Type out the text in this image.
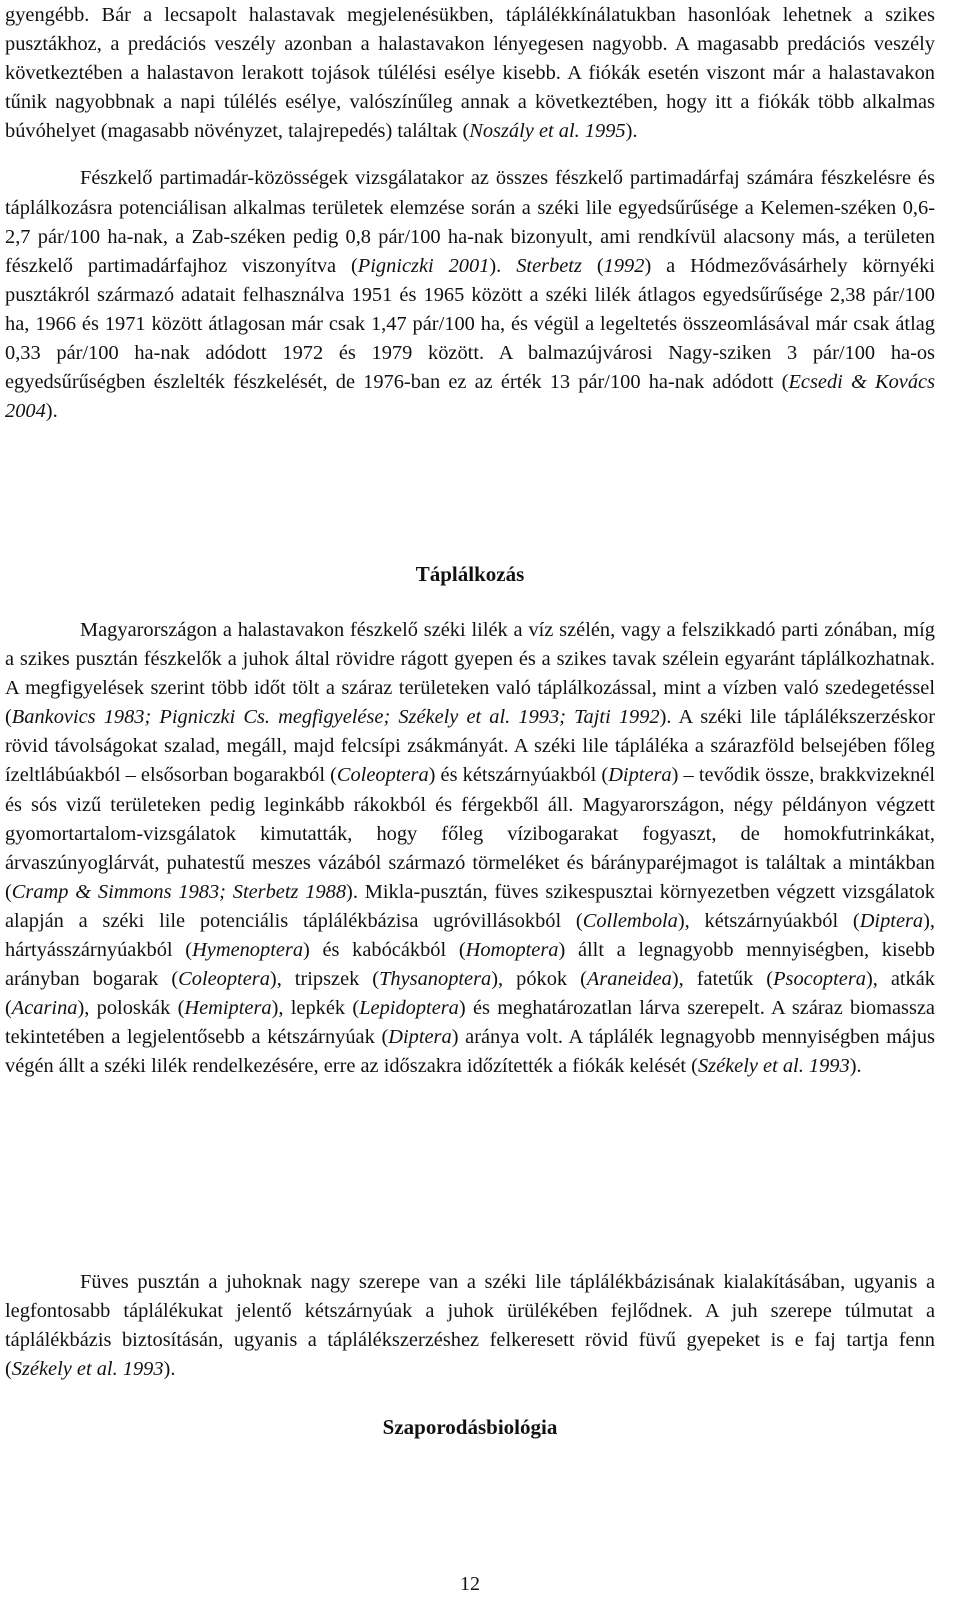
gyengébb. Bár a lecsapolt halastavak megjelenésükben, táplálékkínálatukban hasonlóak lehetnek a szikes pusztákhoz, a predációs veszély azonban a halastavakon lényegesen nagyobb. A magasabb predációs veszély következtében a halastavon lerakott tojások túlélési esélye kisebb. A fiókák esetén viszont már a halastavakon tűnik nagyobbnak a napi túlélés esélye, valószínűleg annak a következtében, hogy itt a fiókák több alkalmas búvóhelyet (magasabb növényzet, talajrepedés) találtak (Noszály et al. 1995).

Fészkelő partimadár-közösségek vizsgálatakor az összes fészkelő partimadárfaj számára fészkelésre és táplálkozásra potenciálisan alkalmas területek elemzése során a széki lile egyedsűrűsége a Kelemen-széken 0,6-2,7 pár/100 ha-nak, a Zab-széken pedig 0,8 pár/100 ha-nak bizonyult, ami rendkívül alacsony más, a területen fészkelő partimadárfajhoz viszonyítva (Pigniczki 2001). Sterbetz (1992) a Hódmezővásárhely környéki pusztákról származó adatait felhasználva 1951 és 1965 között a széki lilék átlagos egyedsűrűsége 2,38 pár/100 ha, 1966 és 1971 között átlagosan már csak 1,47 pár/100 ha, és végül a legeltetés összeomlásával már csak átlag 0,33 pár/100 ha-nak adódott 1972 és 1979 között. A balmazújvárosi Nagy-sziken 3 pár/100 ha-os egyedsűrűségben észlelték fészkelését, de 1976-ban ez az érték 13 pár/100 ha-nak adódott (Ecsedi & Kovács 2004).

Táplálkozás

Magyarországon a halastavakon fészkelő széki lilék a víz szélén, vagy a felszikkadó parti zónában, míg a szikes pusztán fészkelők a juhok által rövidre rágott gyepen és a szikes tavak szélein egyaránt táplálkozhatnak. A megfigyelések szerint több időt tölt a száraz területeken való táplálkozással, mint a vízben való szedegetéssel (Bankovics 1983; Pigniczki Cs. megfigyelése; Székely et al. 1993; Tajti 1992). A széki lile táplálékszerzéskor rövid távolságokat szalad, megáll, majd felcsípi zsákmányát. A széki lile tápláléka a szárazföld belsejében főleg ízeltlábúakból – elsősorban bogarakból (Coleoptera) és kétszárnyúakból (Diptera) – tevődik össze, brakkvizeknél és sós vizű területeken pedig leginkább rákokból és férgekből áll. Magyarországon, négy példányon végzett gyomortartalom-vizsgálatok kimutatták, hogy főleg vízibogarakat fogyaszt, de homokfutrinkákat, árvaszúnyoglárvát, puhatestű meszes vázából származó törmeléket és bárányparéjmagot is találtak a mintákban (Cramp & Simmons 1983; Sterbetz 1988). Mikla-pusztán, füves szikespusztai környezetben végzett vizsgálatok alapján a széki lile potenciális táplálékbázisa ugróvillásokból (Collembola), kétszárnyúakból (Diptera), hártyásszárnyúakból (Hymenoptera) és kabócákból (Homoptera) állt a legnagyobb mennyiségben, kisebb arányban bogarak (Coleoptera), tripszek (Thysanoptera), pókok (Araneidea), fatetűk (Psocoptera), atkák (Acarina), poloskák (Hemiptera), lepkék (Lepidoptera) és meghatározatlan lárva szerepelt. A száraz biomassza tekintetében a legjelentősebb a kétszárnyúak (Diptera) aránya volt. A táplálék legnagyobb mennyiségben május végén állt a széki lilék rendelkezésére, erre az időszakra időzítették a fiókák kelését (Székely et al. 1993).

Füves pusztán a juhoknak nagy szerepe van a széki lile táplálékbázisának kialakításában, ugyanis a legfontosabb táplálékukat jelentő kétszárnyúak a juhok ürülékében fejlődnek. A juh szerepe túlmutat a táplálékbázis biztosításán, ugyanis a táplálékszerzéshez felkeresett rövid füvű gyepeket is e faj tartja fenn (Székely et al. 1993).

Szaporodásbiológia
12
